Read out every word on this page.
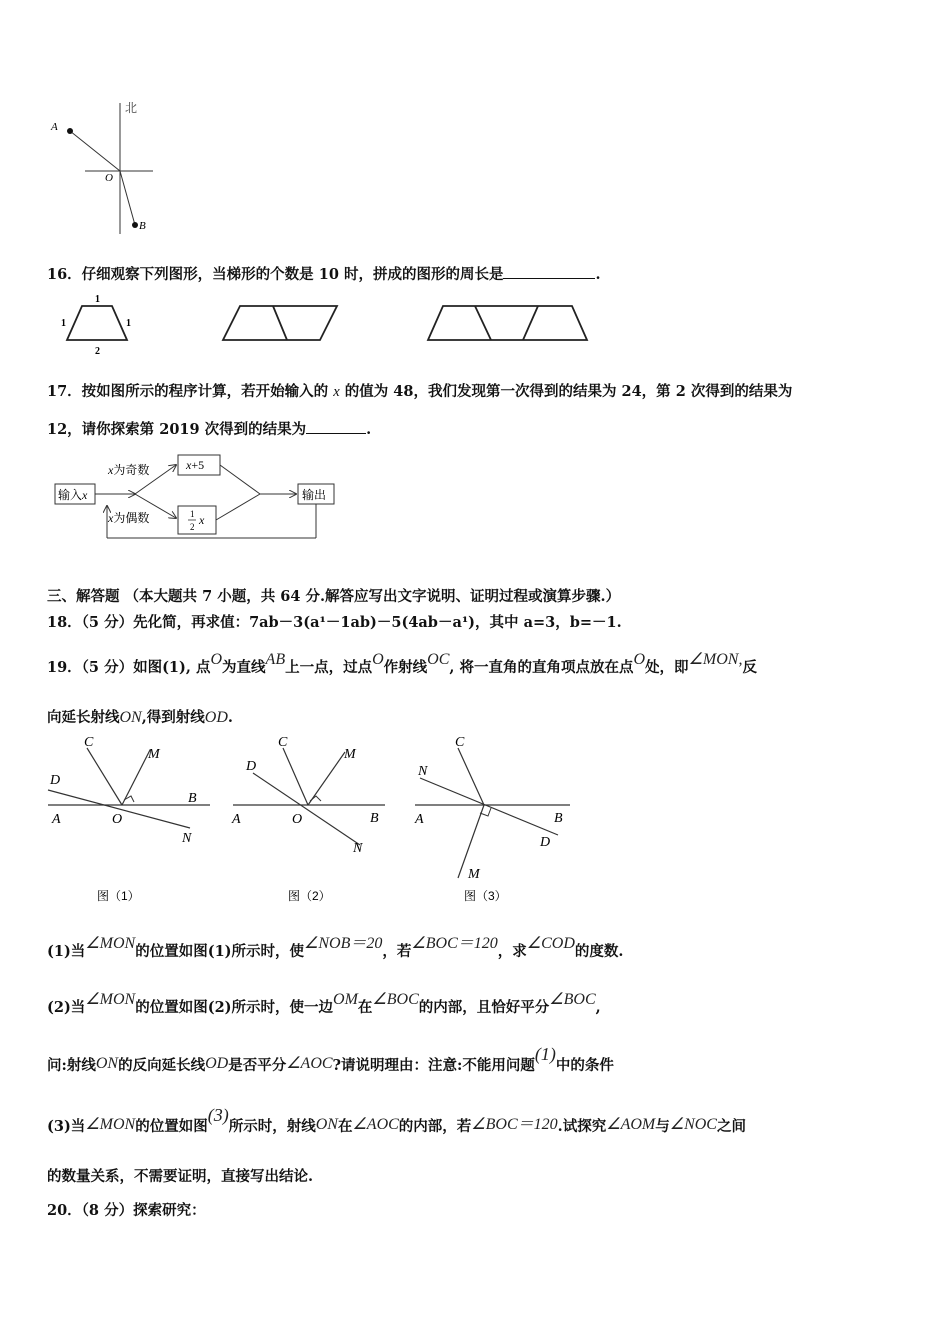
北
A
O
B
16．仔细观察下列图形，当梯形的个数是 10 时，拼成的图形的周长是	.
1
1	1
2
17．按如图所示的程序计算，若开始输入的 x 的值为 48，我们发现第一次得到的结果为 24，第 2 次得到的结果为
12，请你探索第 2019 次得到的结果为	.
输入x
x为奇数
x为偶数
x+5
1
2 x
输出
三、解答题 （本大题共 7 小题，共 64 分.解答应写出文字说明、证明过程或演算步骤.）
18．（5 分）先化简，再求值：7ab－3(a¹－1ab)－5(4ab－a¹)，其中 a=3，b=－1.
19．（5 分）如图(1), 点O为直线AB上一点，过点O作射线OC, 将一直角的直角项点放在点O处，即∠MON,反
向延长射线ON,得到射线OD.
C
M
D
B
A	O
N
图（1）
C
M
D
B
A	O
N
图（2）
C
N
B
A
D
M
图（3）
(1)当∠MON的位置如图(1)所示时，使∠NOB＝20，若∠BOC＝120，求∠COD的度数.
(2)当∠MON的位置如图(2)所示时，使一边OM在∠BOC的内部，且恰好平分∠BOC,
问:射线ON的反向延长线OD是否平分∠AOC?请说明理由：注意:不能用问题(1)中的条件
(3)当∠MON的位置如图(3)所示时，射线ON在∠AOC的内部，若∠BOC＝120.试探究∠AOM与∠NOC之间
的数量关系，不需要证明，直接写出结论.
20．（8 分）探索研究：
